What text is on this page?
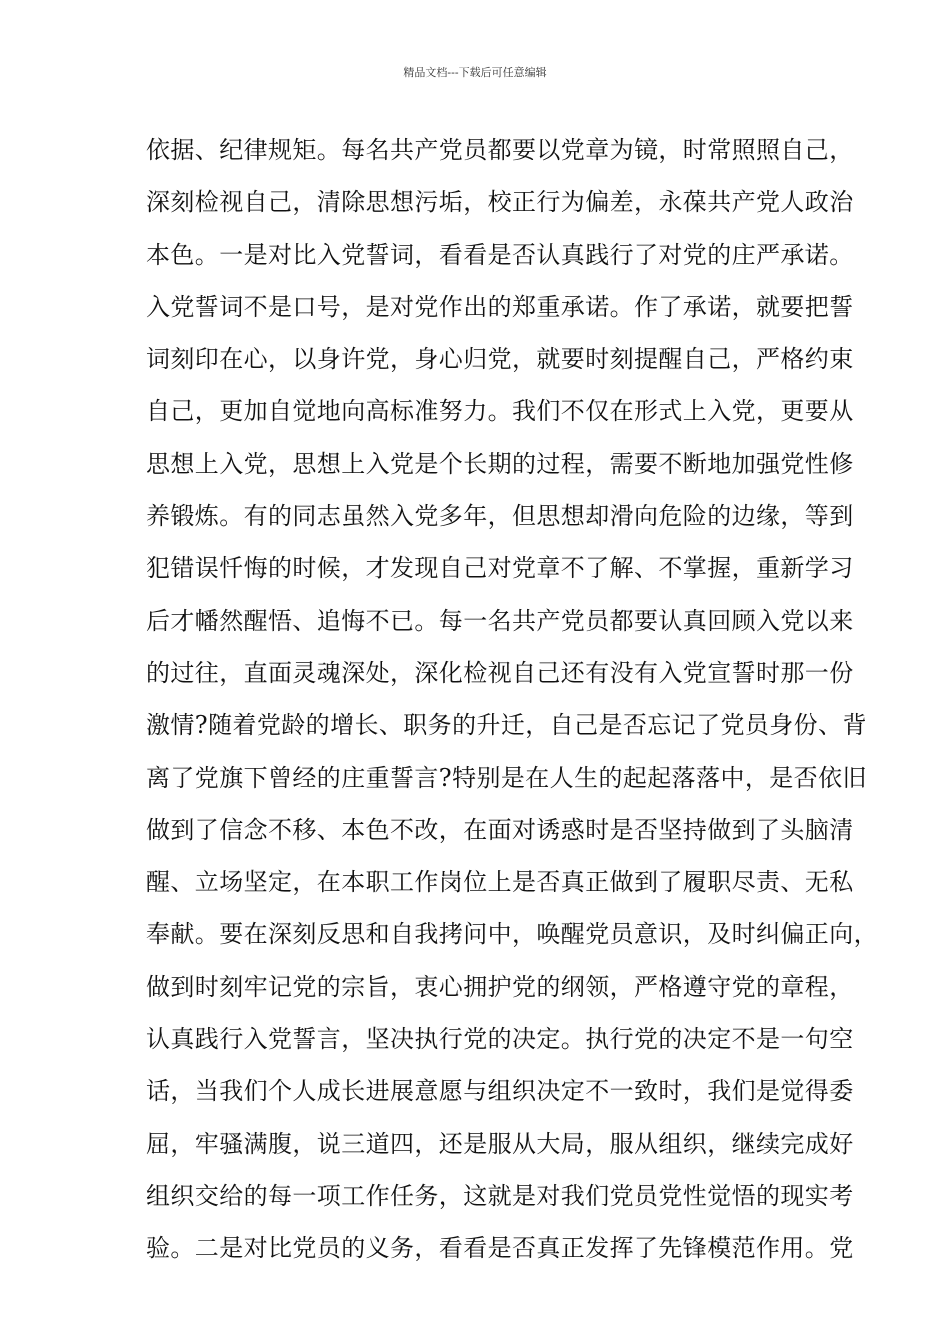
精品文档---下载后可任意编辑
依据、纪律规矩。每名共产党员都要以党章为镜，时常照照自己，
深刻检视自己，清除思想污垢，校正行为偏差，永葆共产党人政治
本色。一是对比入党誓词，看看是否认真践行了对党的庄严承诺。
入党誓词不是口号，是对党作出的郑重承诺。作了承诺，就要把誓
词刻印在心，以身许党，身心归党，就要时刻提醒自己，严格约束
自己，更加自觉地向高标准努力。我们不仅在形式上入党，更要从
思想上入党，思想上入党是个长期的过程，需要不断地加强党性修
养锻炼。有的同志虽然入党多年，但思想却滑向危险的边缘，等到
犯错误忏悔的时候，才发现自己对党章不了解、不掌握，重新学习
后才幡然醒悟、追悔不已。每一名共产党员都要认真回顾入党以来
的过往，直面灵魂深处，深化检视自己还有没有入党宣誓时那一份
激情?随着党龄的增长、职务的升迁，自己是否忘记了党员身份、背
离了党旗下曾经的庄重誓言?特别是在人生的起起落落中，是否依旧
做到了信念不移、本色不改，在面对诱惑时是否坚持做到了头脑清
醒、立场坚定，在本职工作岗位上是否真正做到了履职尽责、无私
奉献。要在深刻反思和自我拷问中，唤醒党员意识，及时纠偏正向，
做到时刻牢记党的宗旨，衷心拥护党的纲领，严格遵守党的章程，
认真践行入党誓言，坚决执行党的决定。执行党的决定不是一句空
话，当我们个人成长进展意愿与组织决定不一致时，我们是觉得委
屈，牢骚满腹，说三道四，还是服从大局，服从组织，继续完成好
组织交给的每一项工作任务，这就是对我们党员党性觉悟的现实考
验。二是对比党员的义务，看看是否真正发挥了先锋模范作用。党
